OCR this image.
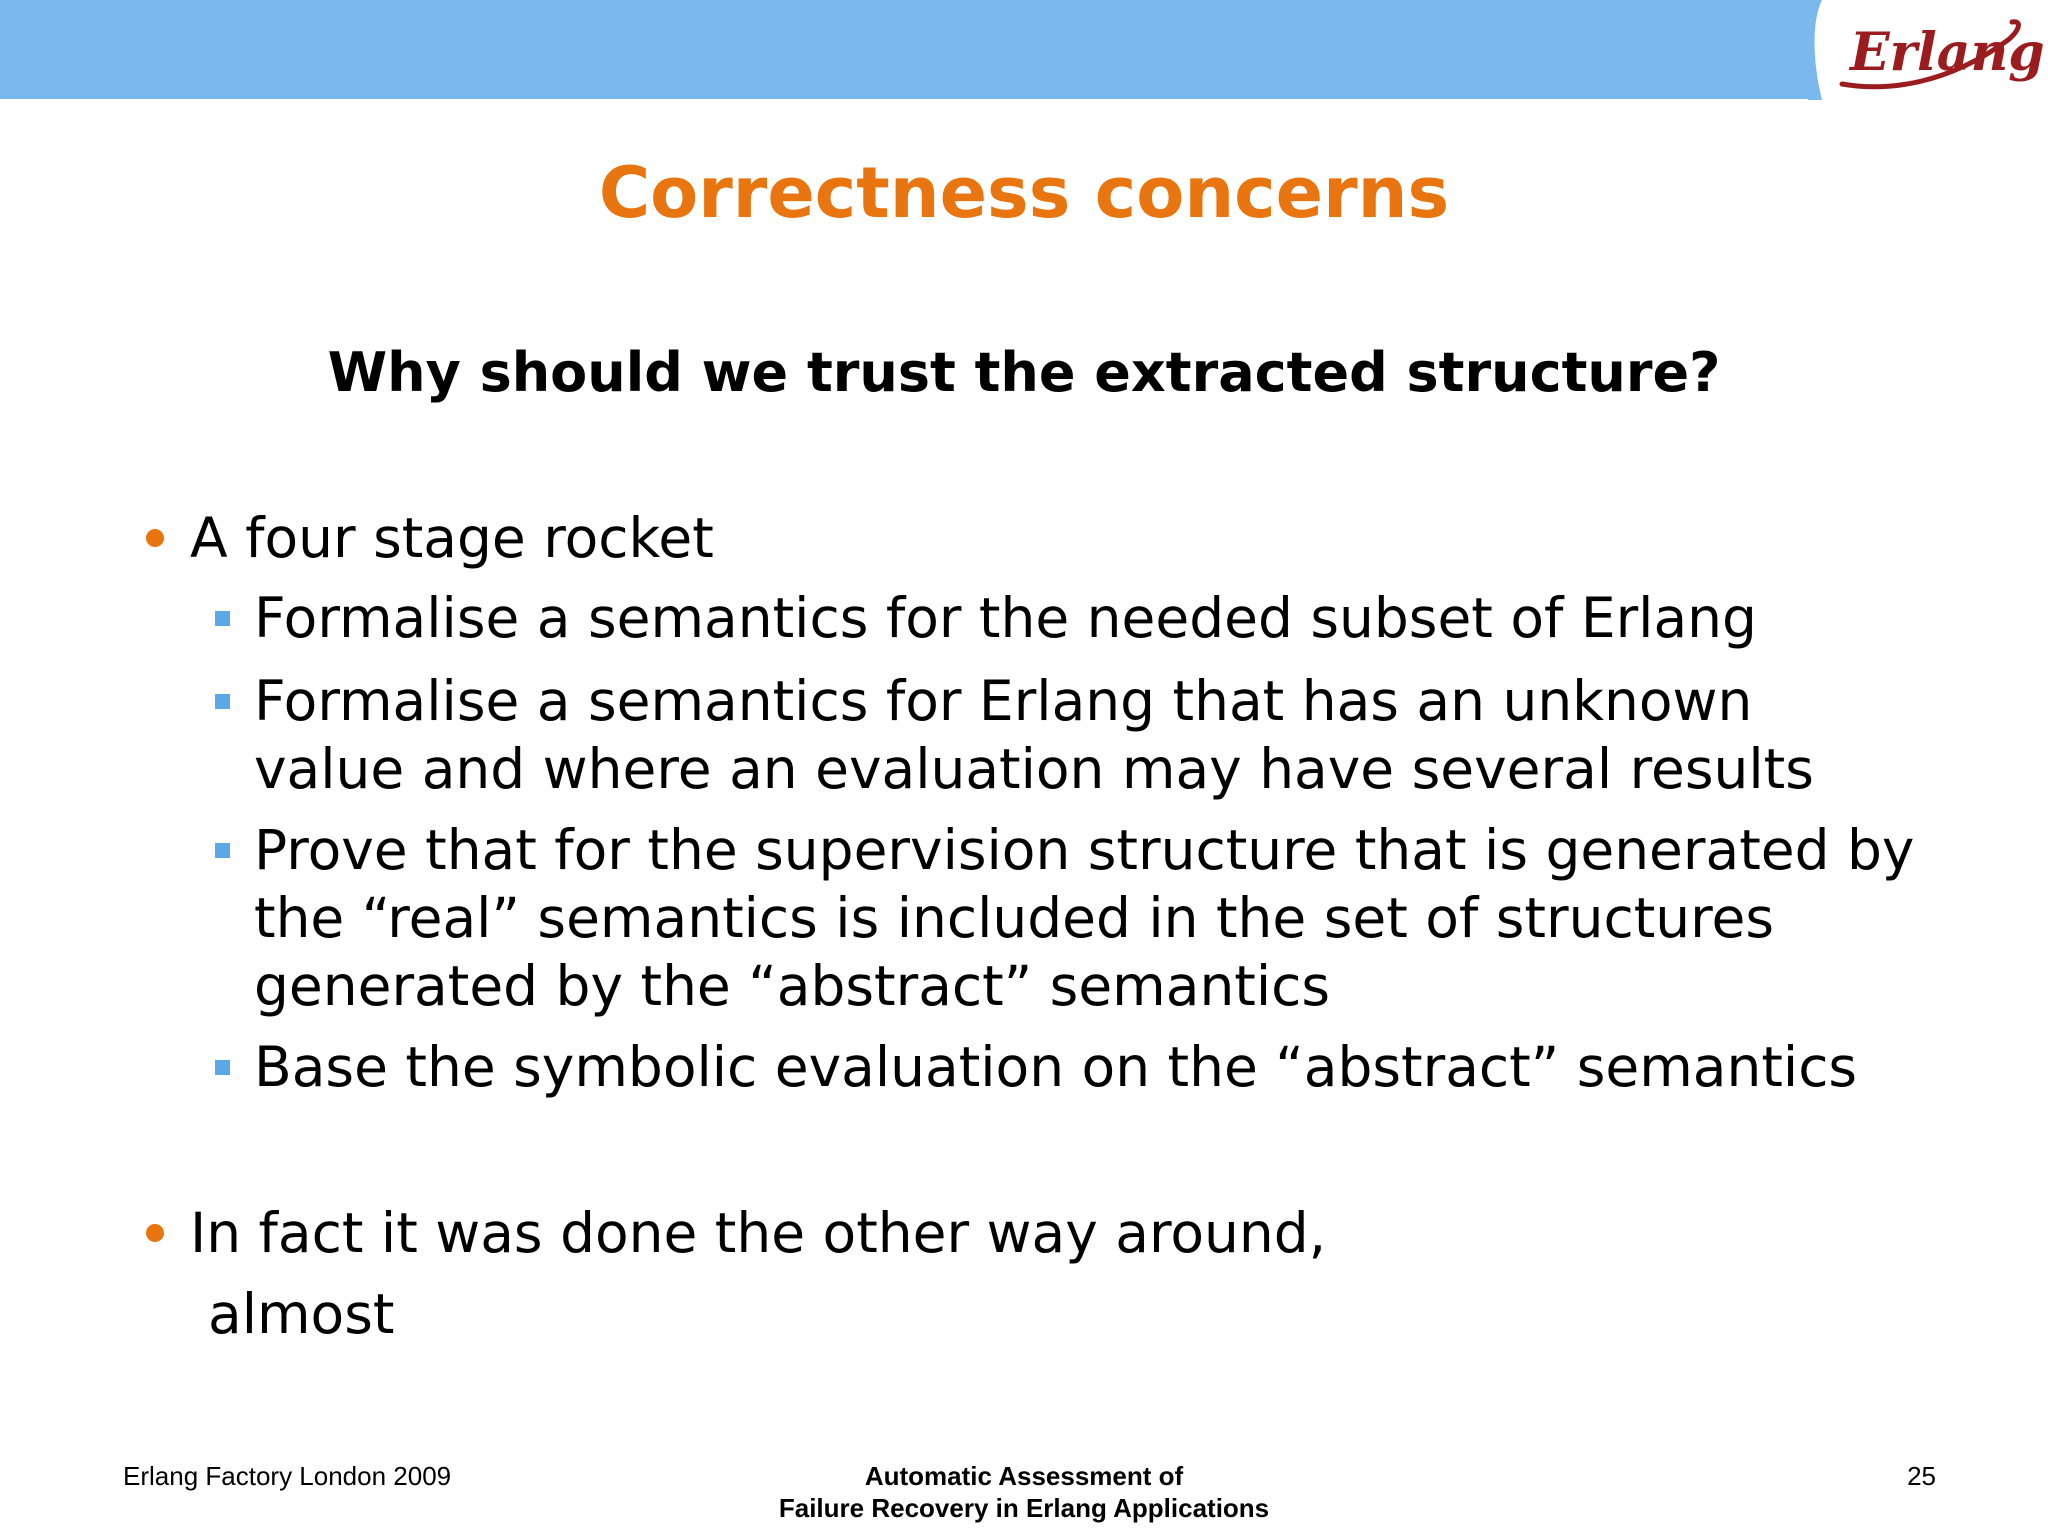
Erlang
Correctness concerns
Why should we trust the extracted structure?
A four stage rocket
Formalise a semantics for the needed subset of Erlang
Formalise a semantics for Erlang that has an unknown
value and where an evaluation may have several results
Prove that for the supervision structure that is generated by
the “real” semantics is included in the set of structures
generated by the “abstract” semantics
Base the symbolic evaluation on the “abstract” semantics
In fact it was done the other way around,
almost
Erlang Factory London 2009	Automatic Assessment of
Failure Recovery in Erlang Applications
25
